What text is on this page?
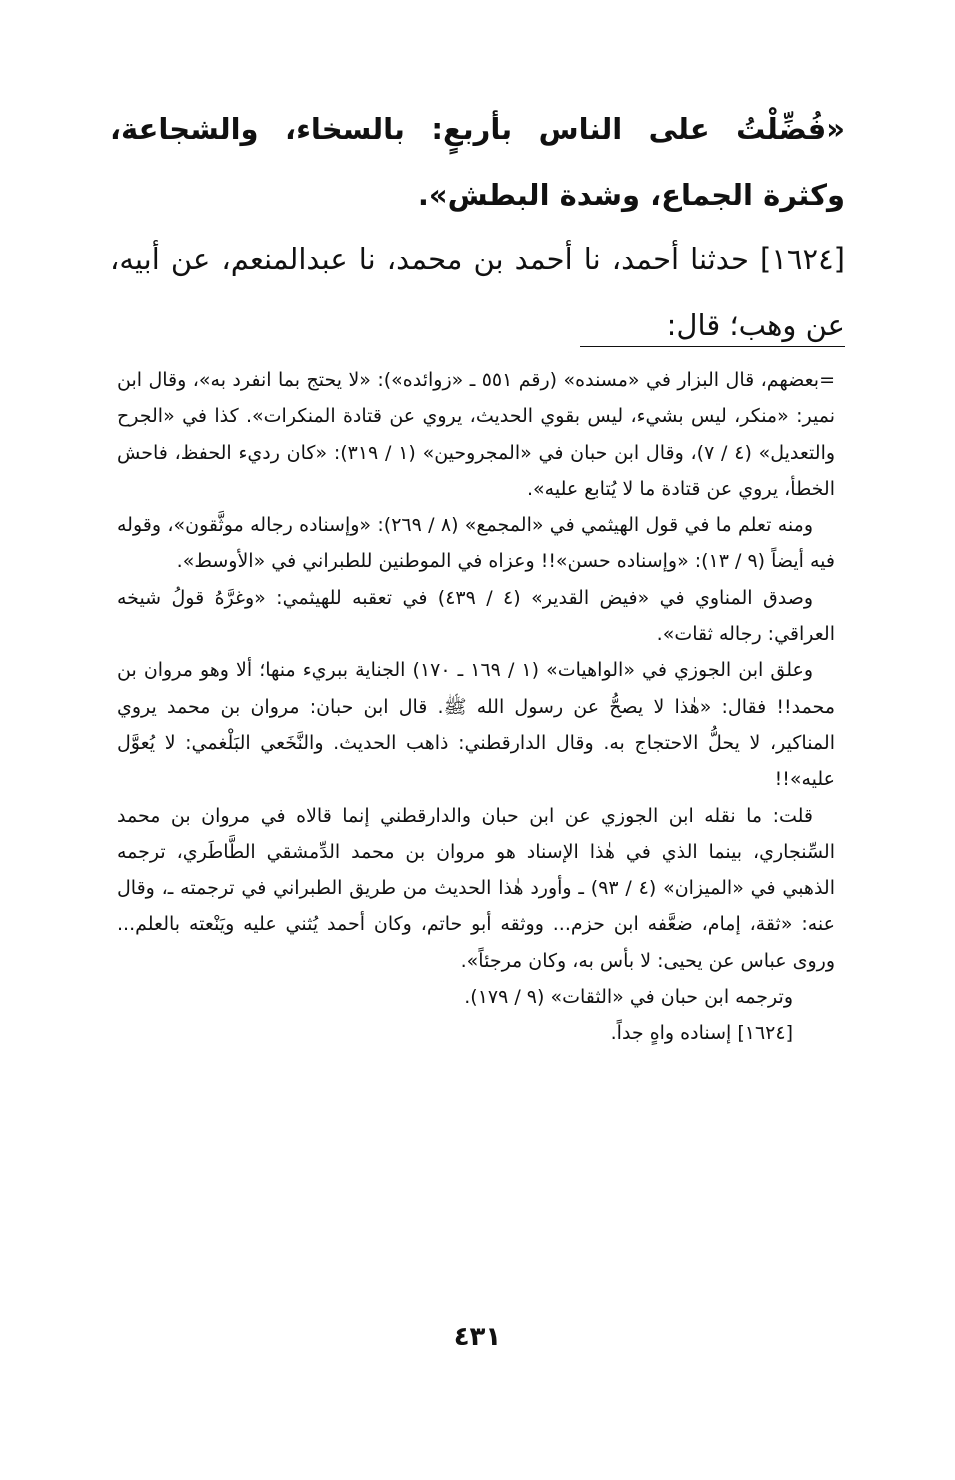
«فُضِّلْتُ على الناس بأربعٍ: بالسخاء، والشجاعة، وكثرة الجماع، وشدة البطش».

[١٦٢٤] حدثنا أحمد، نا أحمد بن محمد، نا عبدالمنعم، عن أبيه، عن وهب؛ قال:

=بعضهم، قال البزار في «مسنده» (رقم ٥٥١ ـ «زوائده»): «لا يحتج بما انفرد به»، وقال ابن نمير: «منكر، ليس بشيء، ليس بقوي الحديث، يروي عن قتادة المنكرات». كذا في «الجرح والتعديل» (٤ / ٧)، وقال ابن حبان في «المجروحين» (١ / ٣١٩): «كان رديء الحفظ، فاحش الخطأ، يروي عن قتادة ما لا يُتابع عليه».

ومنه تعلم ما في قول الهيثمي في «المجمع» (٨ / ٢٦٩): «وإسناده رجاله موثَّقون»، وقوله فيه أيضاً (٩ / ١٣): «وإسناده حسن»!! وعزاه في الموطنين للطبراني في «الأوسط».

وصدق المناوي في «فيض القدير» (٤ / ٤٣٩) في تعقبه للهيثمي: «وغرَّهُ قولُ شيخه العراقي: رجاله ثقات».

وعلق ابن الجوزي في «الواهيات» (١ / ١٦٩ ـ ١٧٠) الجناية ببريء منها؛ ألا وهو مروان بن محمد!! فقال: «هٰذا لا يصحُّ عن رسول الله ﷺ. قال ابن حبان: مروان بن محمد يروي المناكير، لا يحلُّ الاحتجاج به. وقال الدارقطني: ذاهب الحديث. والنَّخَعي البَلْغمي: لا يُعوَّل عليه»!!

قلت: ما نقله ابن الجوزي عن ابن حبان والدارقطني إنما قالاه في مروان بن محمد السِّنجاري، بينما الذي في هٰذا الإسناد هو مروان بن محمد الدِّمشقي الطَّاطَري، ترجمه الذهبي في «الميزان» (٤ / ٩٣) ـ وأورد هٰذا الحديث من طريق الطبراني في ترجمته ـ، وقال عنه: «ثقة، إمام، ضعَّفه ابن حزم... ووثقه أبو حاتم، وكان أحمد يُثني عليه ويَنْعته بالعلم... وروى عباس عن يحيى: لا بأس به، وكان مرجئاً».

وترجمه ابن حبان في «الثقات» (٩ / ١٧٩).

[١٦٢٤] إسناده واهٍ جداً.

٤٣١
